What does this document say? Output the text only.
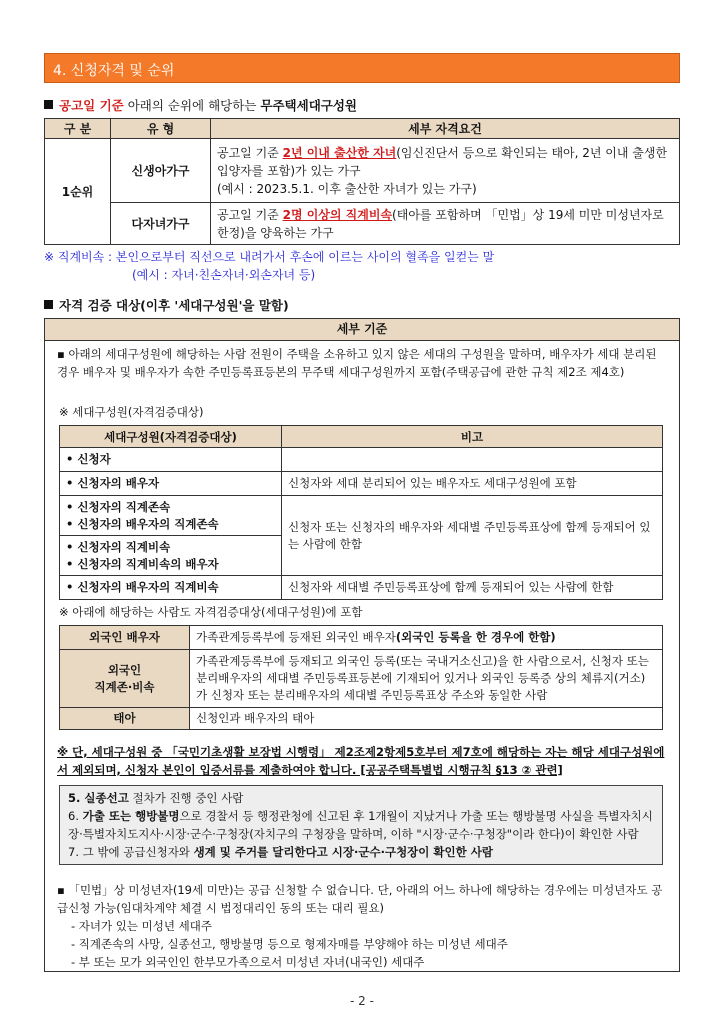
4. 신청자격 및 순위
공고일 기준 아래의 순위에 해당하는 무주택세대구성원
구 분	유 형	세부 자격요건
1순위	신생아가구	공고일 기준 2년 이내 출산한 자녀(임신진단서 등으로 확인되는 태아, 2년 이내 출생한 입양자를 포함)가 있는 가구
(예시 : 2023.5.1. 이후 출산한 자녀가 있는 가구)
	다자녀가구	공고일 기준 2명 이상의 직계비속(태아를 포함하며 「민법」상 19세 미만 미성년자로 한정)을 양육하는 가구
※ 직계비속 : 본인으로부터 직선으로 내려가서 후손에 이르는 사이의 혈족을 일컫는 말
(예시 : 자녀·친손자녀·외손자녀 등)
자격 검증 대상(이후 '세대구성원'을 말함)
세부 기준
▪ 아래의 세대구성원에 해당하는 사람 전원이 주택을 소유하고 있지 않은 세대의 구성원을 말하며, 배우자가 세대 분리된 경우 배우자 및 배우자가 속한 주민등록표등본의 무주택 세대구성원까지 포함(주택공급에 관한 규칙 제2조 제4호)
※ 세대구성원(자격검증대상)
세대구성원(자격검증대상)	비고
• 신청자	
• 신청자의 배우자	신청자와 세대 분리되어 있는 배우자도 세대구성원에 포함

• 신청자의 직계존속
• 신청자의 배우자의 직계존속	신청자 또는 신청자의 배우자와 세대별 주민등록표상에 함께 등재되어 있는 사람에 한함

• 신청자의 직계비속
• 신청자의 직계비속의 배우자	

• 신청자의 배우자의 직계비속	신청자와 세대별 주민등록표상에 함께 등재되어 있는 사람에 한함
※ 아래에 해당하는 사람도 자격검증대상(세대구성원)에 포함
외국인 배우자	가족관계등록부에 등재된 외국인 배우자(외국인 등록을 한 경우에 한함)

외국인
직계존·비속	가족관계등록부에 등재되고 외국인 등록(또는 국내거소신고)을 한 사람으로서, 신청자 또는 분리배우자의 세대별 주민등록표등본에 기재되어 있거나 외국인 등록증 상의 체류지(거소)가 신청자 또는 분리배우자의 세대별 주민등록표상 주소와 동일한 사람
태아	신청인과 배우자의 태아
※ 단, 세대구성원 중 「국민기초생활 보장법 시행령」 제2조제2항제5호부터 제7호에 해당하는 자는 해당 세대구성원에서 제외되며, 신청자 본인이 입증서류를 제출하여야 합니다. [공공주택특별법 시행규칙 §13 ② 관련]
5. 실종선고 절차가 진행 중인 사람
6. 가출 또는 행방불명으로 경찰서 등 행정관청에 신고된 후 1개월이 지났거나 가출 또는 행방불명 사실을 특별자치시장·특별자치도지사·시장·군수·구청장(자치구의 구청장을 말하며, 이하 "시장·군수·구청장"이라 한다)이 확인한 사람
7. 그 밖에 공급신청자와 생계 및 주거를 달리한다고 시장·군수·구청장이 확인한 사람
▪ 「민법」상 미성년자(19세 미만)는 공급 신청할 수 없습니다. 단, 아래의 어느 하나에 해당하는 경우에는 미성년자도 공급신청 가능(임대차계약 체결 시 법정대리인 동의 또는 대리 필요)
- 자녀가 있는 미성년 세대주
- 직계존속의 사망, 실종선고, 행방불명 등으로 형제자매를 부양해야 하는 미성년 세대주
- 부 또는 모가 외국인인 한부모가족으로서 미성년 자녀(내국인) 세대주
- 2 -
